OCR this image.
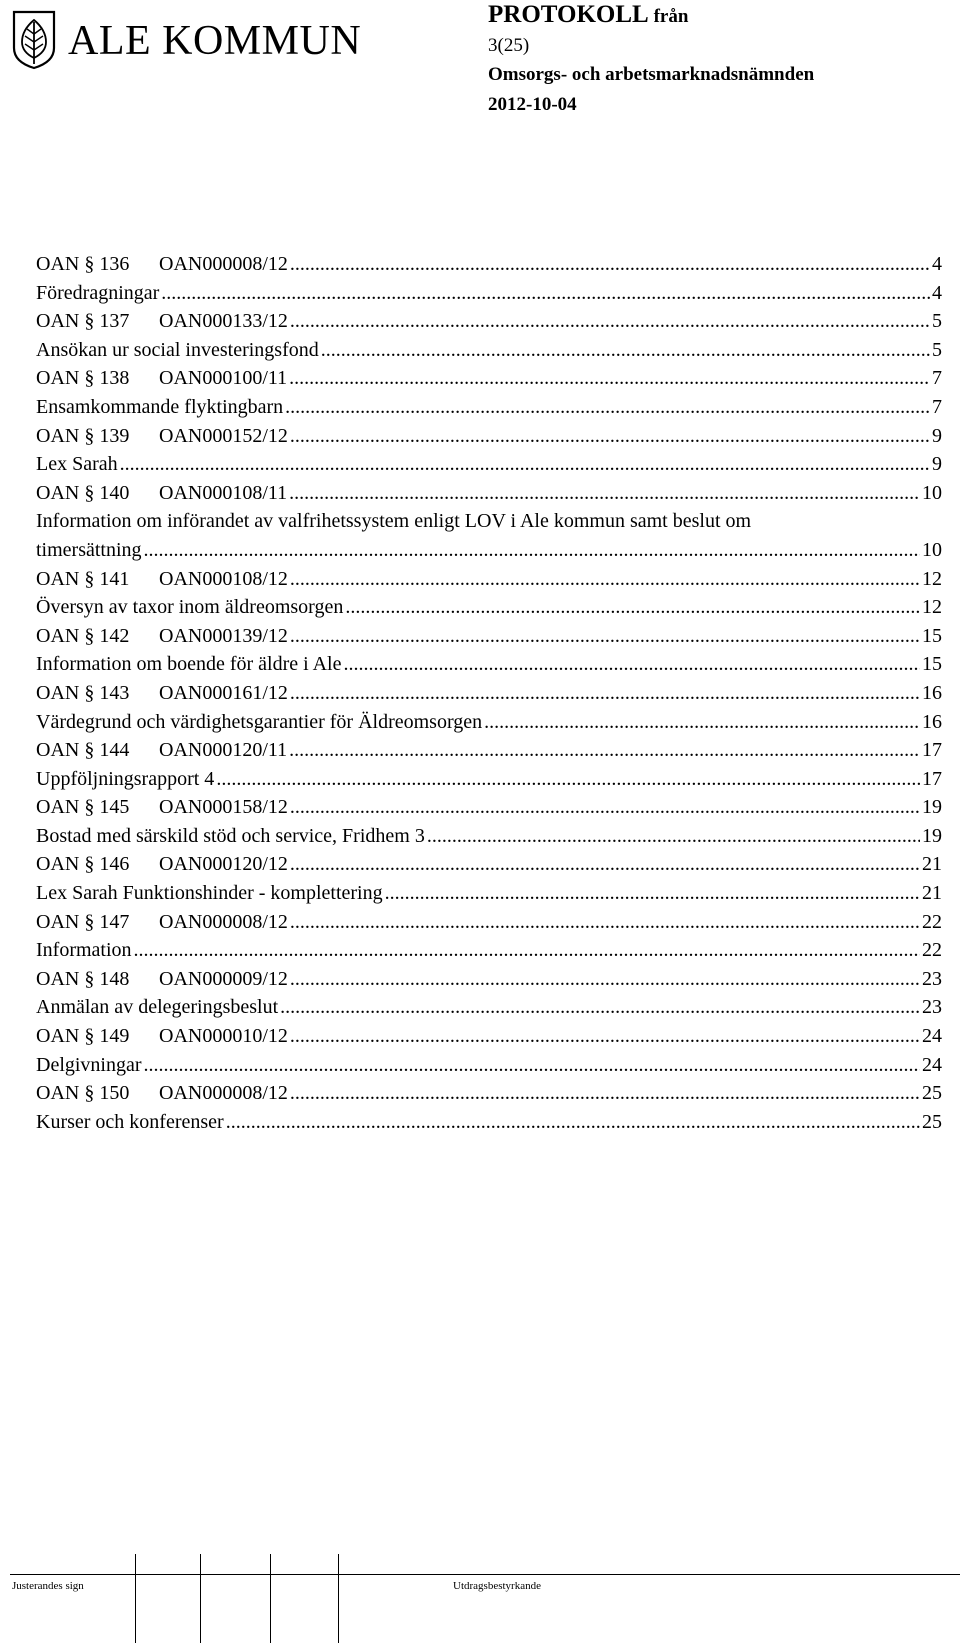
ALE KOMMUN
PROTOKOLL från
3(25)
Omsorgs- och arbetsmarknadsnämnden
2012-10-04
OAN § 136 OAN000008/12 .....	4
Föredragningar .....	4
OAN § 137 OAN000133/12 .....	5
Ansökan ur social investeringsfond .....	5
OAN § 138 OAN000100/11 .....	7
Ensamkommande flyktingbarn .....	7
OAN § 139 OAN000152/12 .....	9
Lex Sarah .....	9
OAN § 140 OAN000108/11 .....	10
Information om införandet av valfrihetssystem enligt LOV i Ale kommun samt beslut om
timersättning .....	10
OAN § 141 OAN000108/12 .....	12
Översyn av taxor inom äldreomsorgen .....	12
OAN § 142 OAN000139/12 .....	15
Information om boende för äldre i Ale .....	15
OAN § 143 OAN000161/12 .....	16
Värdegrund och värdighetsgarantier för Äldreomsorgen .....	16
OAN § 144 OAN000120/11 .....	17
Uppföljningsrapport 4 .....	17
OAN § 145 OAN000158/12 .....	19
Bostad med särskild stöd och service, Fridhem 3 .....	19
OAN § 146 OAN000120/12 .....	21
Lex Sarah Funktionshinder - komplettering .....	21
OAN § 147 OAN000008/12 .....	22
Information .....	22
OAN § 148 OAN000009/12 .....	23
Anmälan av delegeringsbeslut .....	23
OAN § 149 OAN000010/12 .....	24
Delgivningar .....	24
OAN § 150 OAN000008/12 .....	25
Kurser och konferenser .....	25
Justerandes sign	Utdragsbestyrkande
